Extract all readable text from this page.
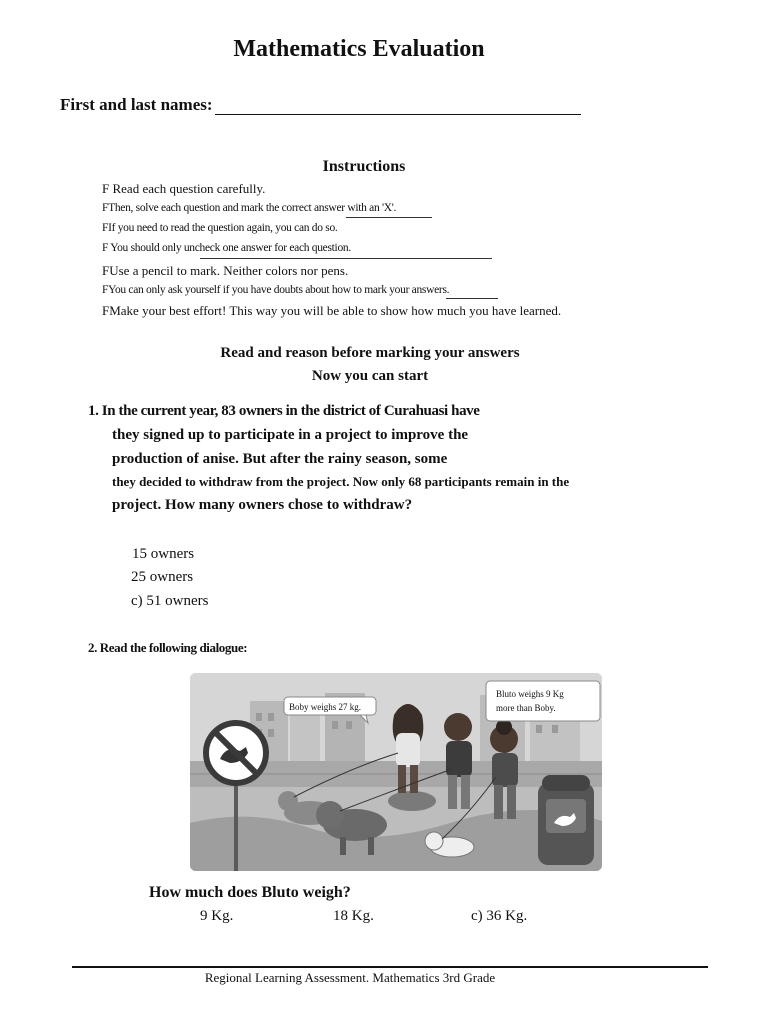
Mathematics Evaluation
First and last names:
Instructions
F Read each question carefully.
FThen, solve each question and mark the correct answer with an 'X'.
FIf you need to read the question again, you can do so.
F You should only uncheck one answer for each question.
FUse a pencil to mark. Neither colors nor pens.
FYou can only ask yourself if you have doubts about how to mark your answers.
FMake your best effort! This way you will be able to show how much you have learned.
Read and reason before marking your answers
Now you can start
1. In the current year, 83 owners in the district of Curahuasi have
they signed up to participate in a project to improve the
production of anise. But after the rainy season, some
they decided to withdraw from the project. Now only 68 participants remain in the
project. How many owners chose to withdraw?
15 owners
25 owners
c) 51 owners
2. Read the following dialogue:
Boby weighs 27 kg.
Bluto weighs 9 Kg
more than Boby.
How much does Bluto weigh?
9 Kg.	18 Kg.	c) 36 Kg.
Regional Learning Assessment. Mathematics 3rd Grade
